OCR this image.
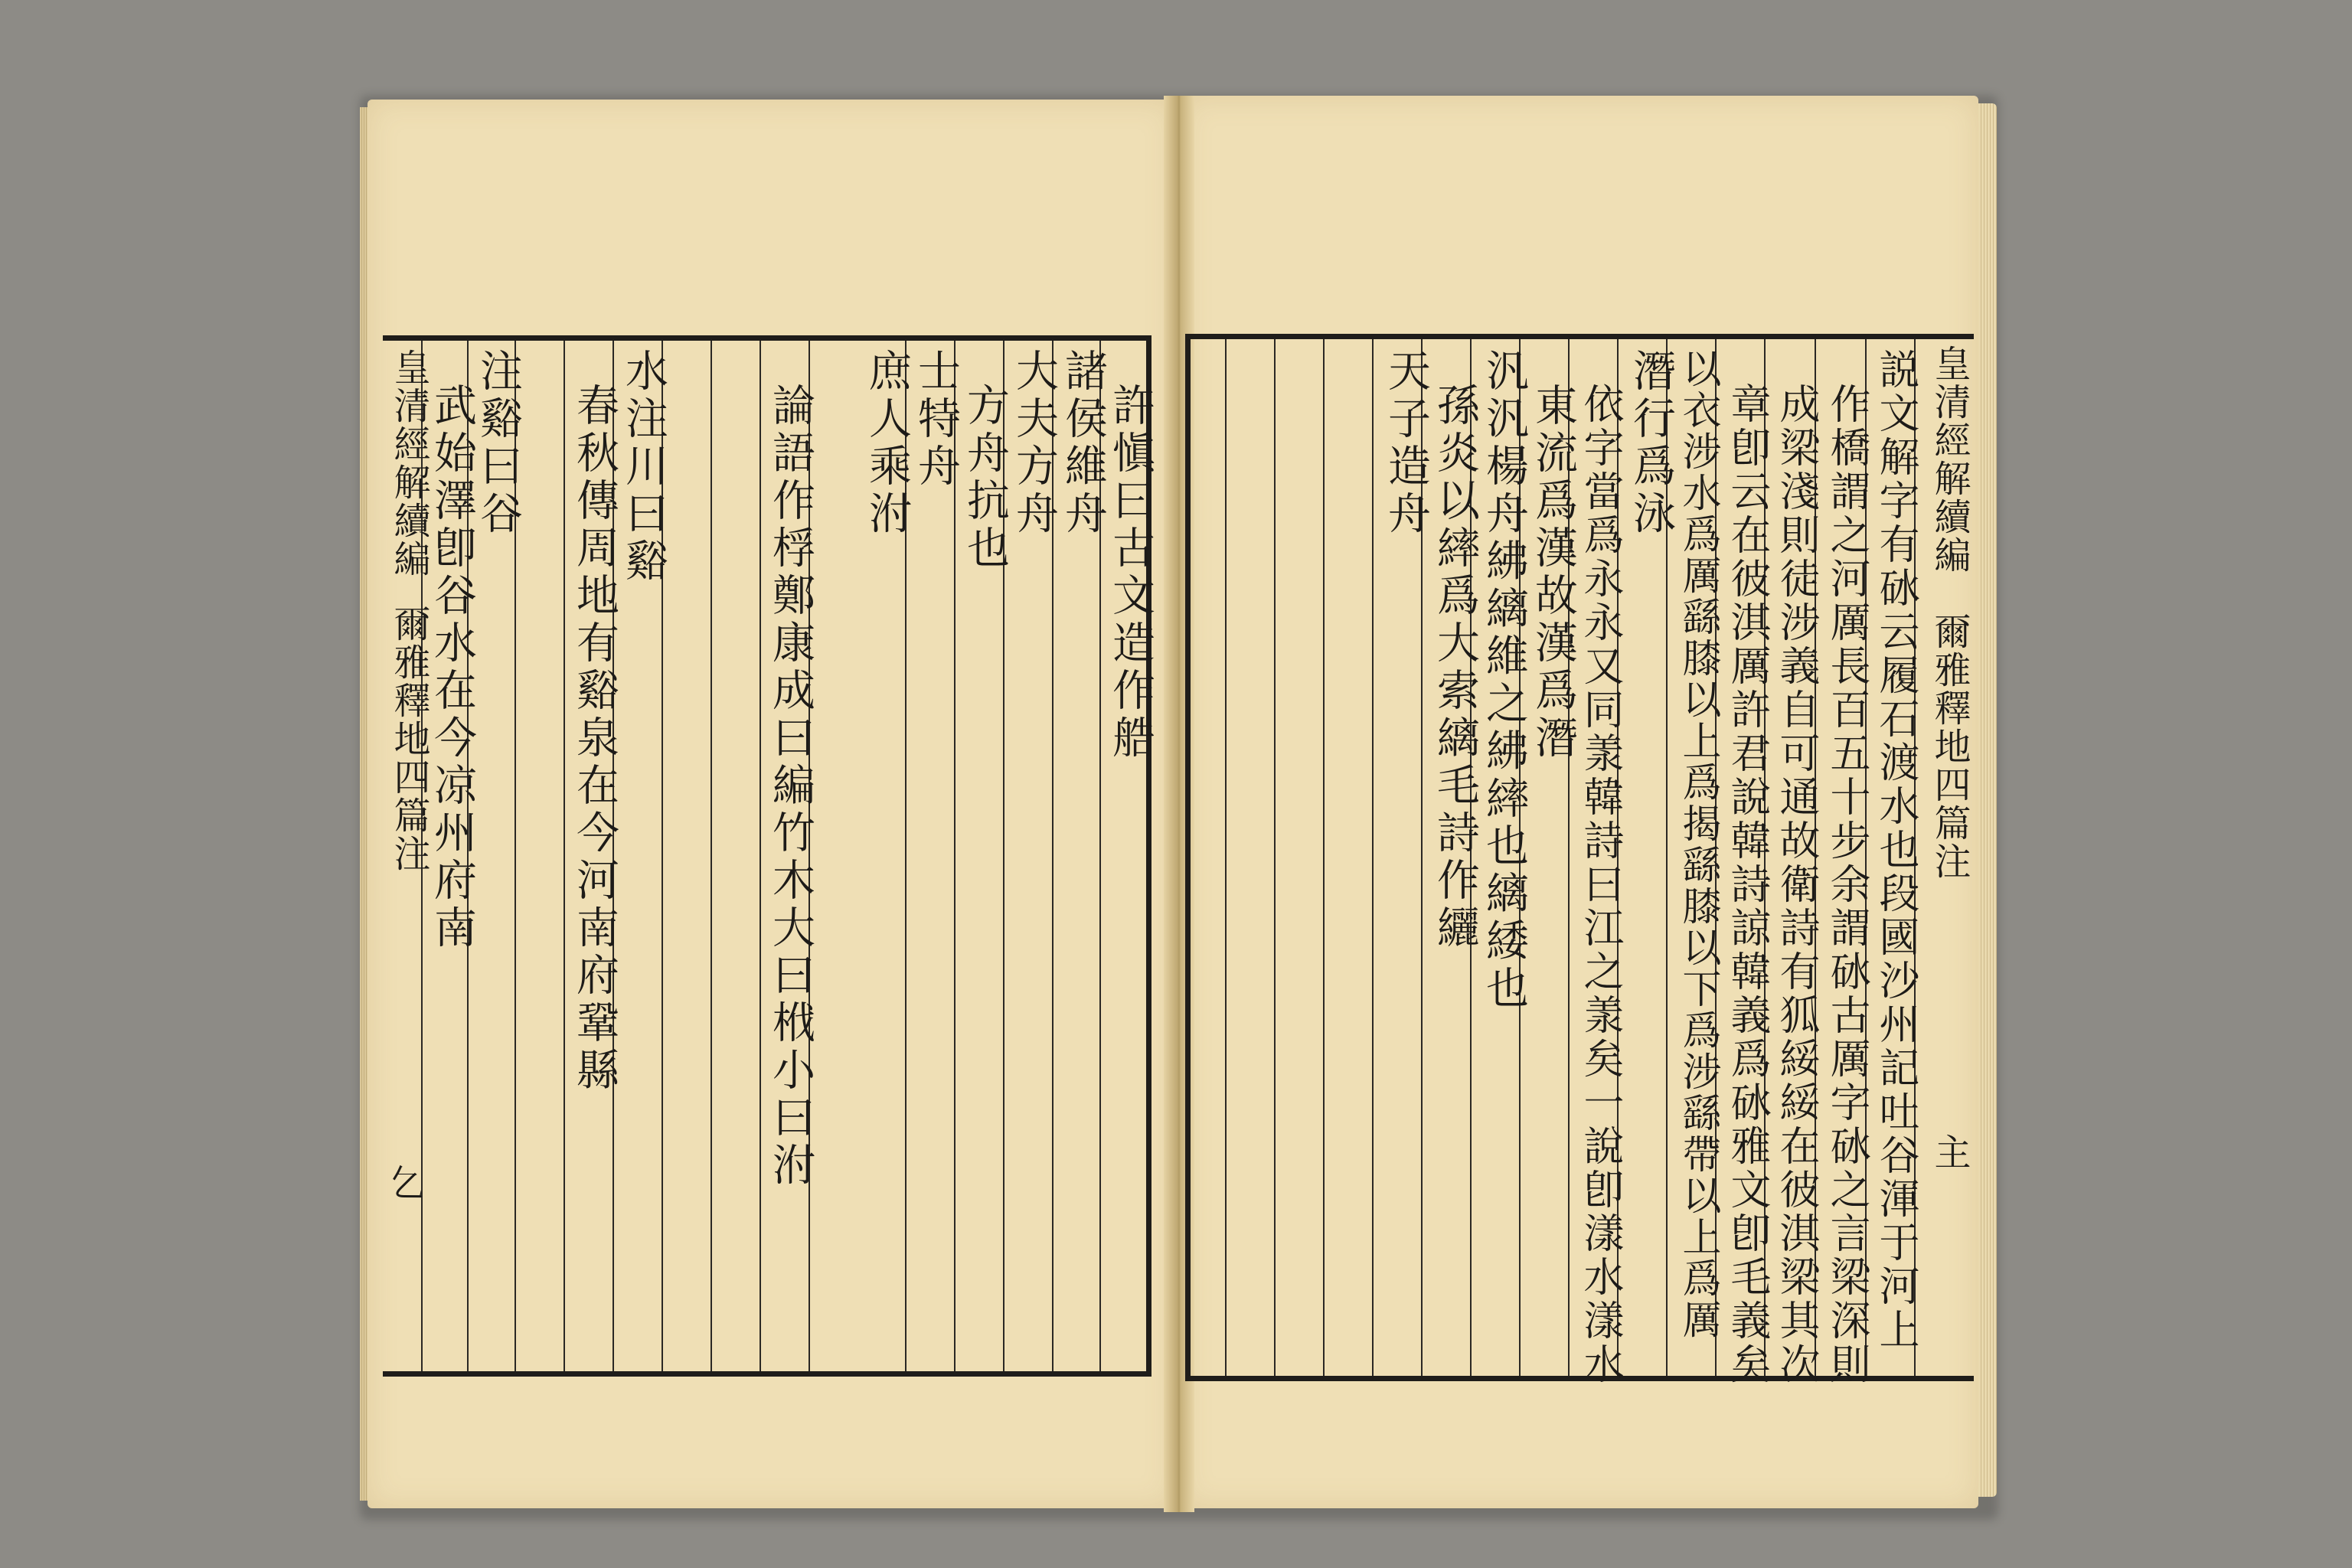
皇清經解續編
爾雅釋地四篇注
𠃉
許愼曰古文造作艁
諸侯維舟
大夫方舟
方舟抗也
士特舟
庶人乘泭
論語作桴鄭康成曰編竹木大曰栰小曰泭
水注川曰谿
春秋傳周地有谿泉在今河南府鞏縣
注谿曰谷
武始澤卽谷水在今凉州府南	皇清經解續編
爾雅釋地四篇注
主
説文解字有砅云履石渡水也段國沙州記吐谷渾于河上
作橋謂之河厲長百五十步余謂砅古厲字砅之言梁深則
成梁淺則徒涉義自可通故衛詩有狐綏綏在彼淇梁其次
章卽云在彼淇厲許君說韓詩諒韓義爲砅雅文卽毛義矣
以衣涉水爲厲繇膝以上爲揭繇膝以下爲涉繇帶以上爲厲
潛行爲泳
依字當爲永永又同羕韓詩曰江之羕矣一說卽漾水漾水
東流爲漢故漢爲潛
汎汎楊舟紼縭維之紼繂也縭緌也
孫炎以繂爲大索縭毛詩作纚
天子造舟
